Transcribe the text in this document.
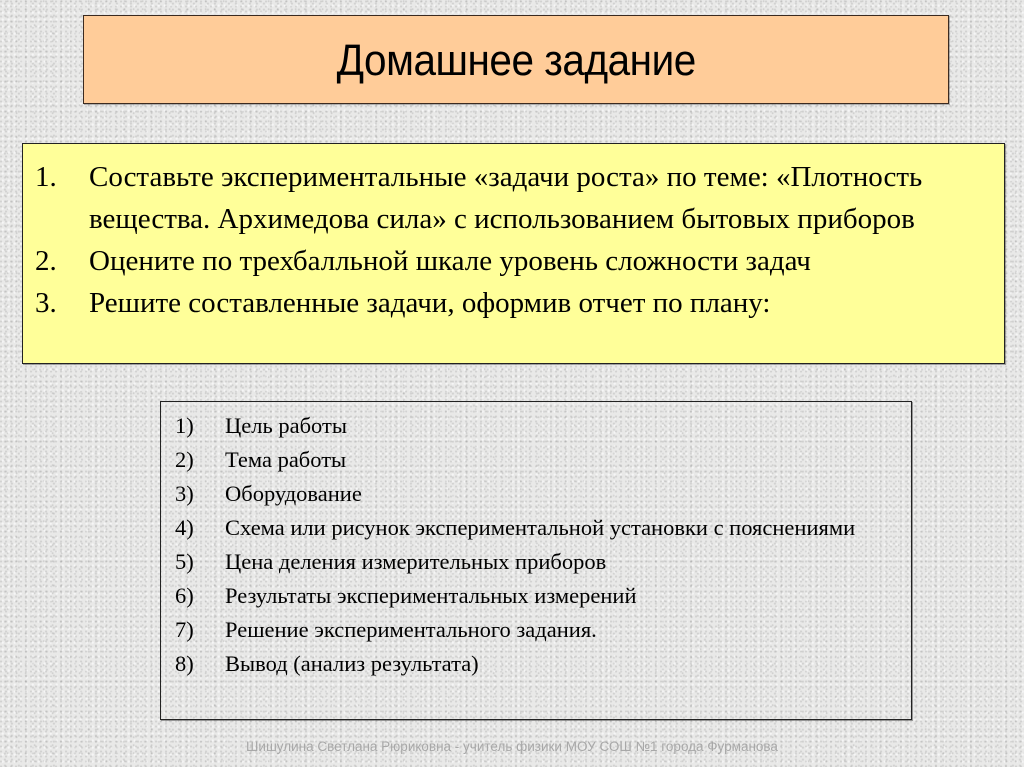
Домашнее задание
1.	Составьте экспериментальные «задачи роста» по теме: «Плотность вещества. Архимедова сила» с использованием бытовых приборов
2.	Оцените по трехбалльной шкале уровень сложности задач
3.	Решите составленные задачи, оформив отчет по плану:
1)	Цель работы
2)	Тема работы
3)	Оборудование
4)	Схема или рисунок экспериментальной установки с пояснениями
5)	Цена деления измерительных приборов
6)	Результаты экспериментальных измерений
7)	Решение экспериментального задания.
8)	Вывод (анализ результата)
Шишулина Светлана Рюриковна - учитель физики МОУ СОШ №1 города Фурманова
